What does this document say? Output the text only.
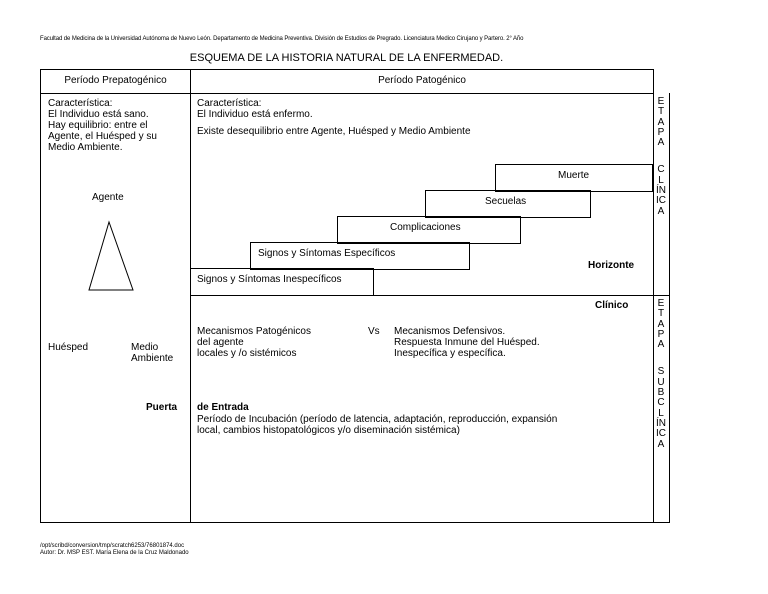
Facultad de Medicina de la Universidad Autónoma de Nuevo León. Departamento de Medicina Preventiva. División de Estudios de Pregrado. Licenciatura Medico Cirujano y Partero. 2° Año
ESQUEMA DE LA HISTORIA NATURAL DE LA ENFERMEDAD.
Período Prepatogénico	Período Patogénico
Característica:
El Individuo está sano.
Hay equilibrio: entre el
Agente, el Huésped y su
Medio Ambiente.
Agente
Huésped	Medio
Ambiente
Puerta
Característica:
El Individuo está enfermo.
Existe desequilibrio entre Agente, Huésped y Medio Ambiente
Muerte
Secuelas
Complicaciones
Signos y Síntomas Específicos
Signos y Síntomas Inespecíficos
Horizonte
Clínico
Mecanismos Patogénicos
del agente
locales y /o sistémicos
Vs Mecanismos Defensivos.
Respuesta Inmune del Huésped.
Inespecífica y específica.
de Entrada
Período de Incubación (período de latencia, adaptación, reproducción, expansión
local, cambios histopatológicos y/o diseminación sistémica)
E
T
A
P
A
C
L
ÍN
IC
A
E
T
A
P
A
S
U
B
C
L
ÍN
IC
A
/opt/scribd/conversion/tmp/scratch6253/76801874.doc
Autor: Dr. MSP EST. María Elena de la Cruz Maldonado
